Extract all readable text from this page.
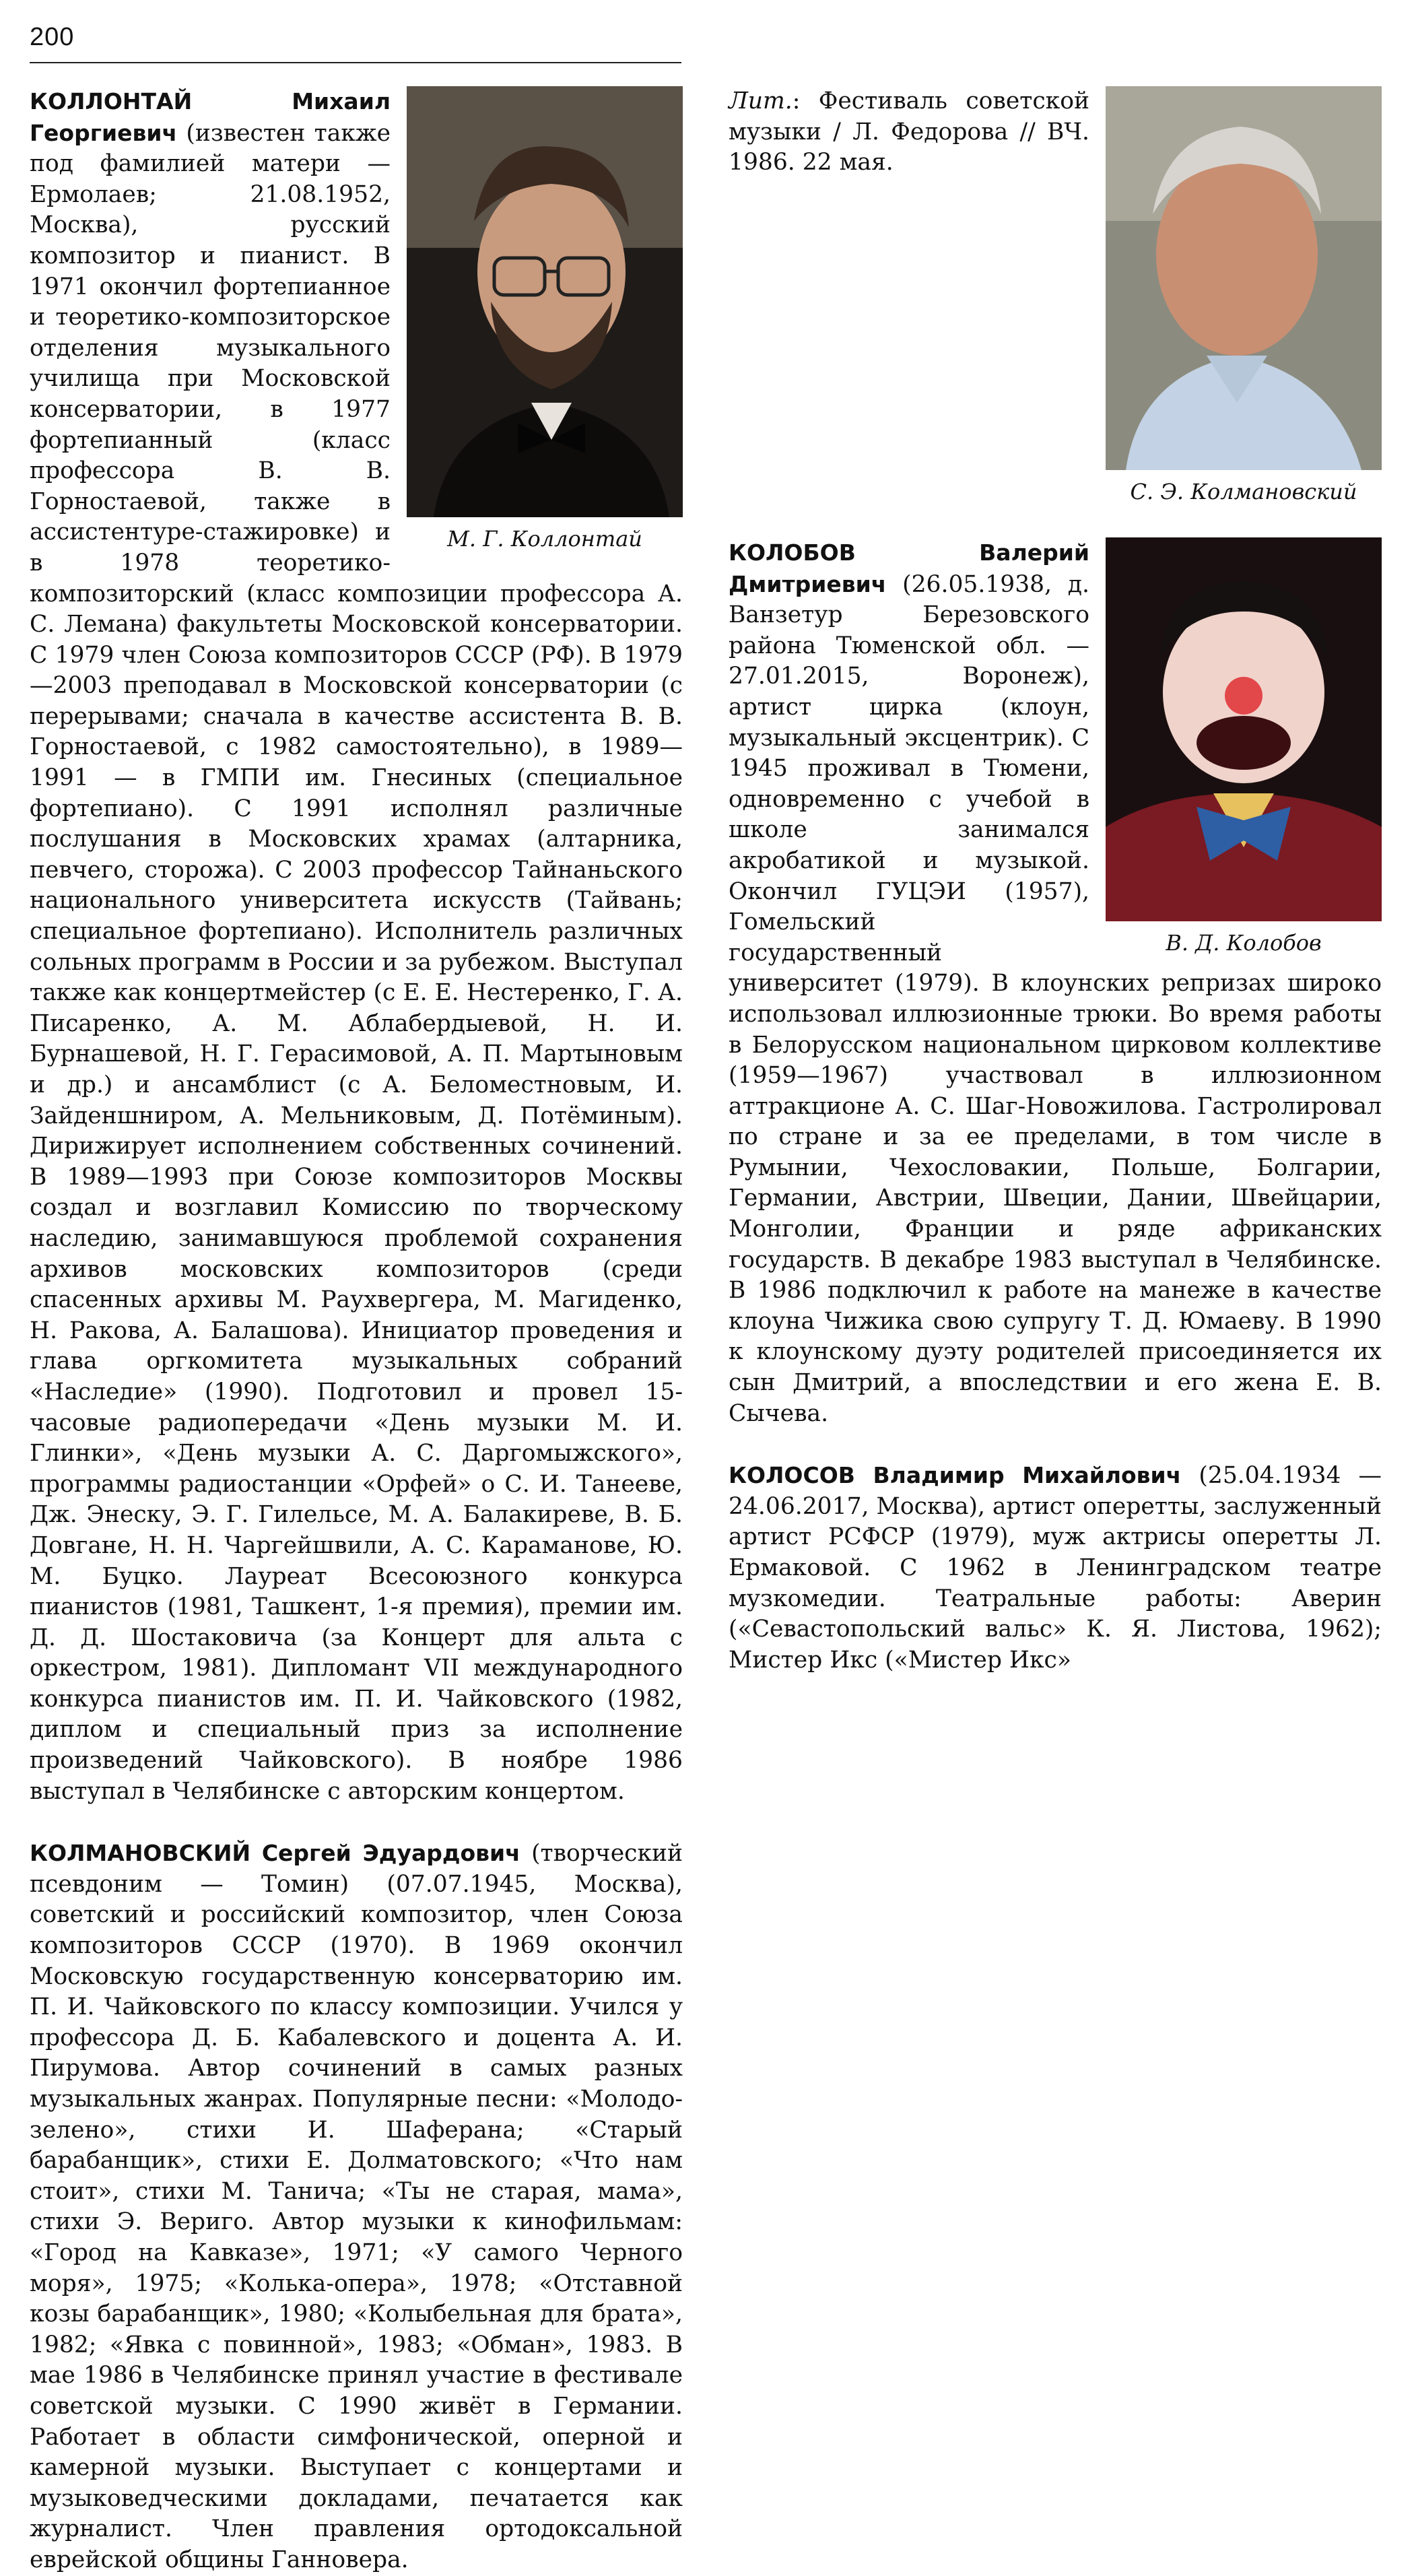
200
М. Г. Коллонтай

КОЛЛОНТАЙ Михаил Георгиевич (известен также под фамилией матери — Ермолаев; 21.08.1952, Москва), русский композитор и пианист. В 1971 окончил фортепианное и теоретико-композиторское отделения музыкального училища при Московской консерватории, в 1977 фортепианный (класс профессора В. В. Горностаевой, также в ассистентуре-стажировке) и в 1978 теоретико-композиторский (класс композиции профессора А. С. Лемана) факультеты Московской консерватории. С 1979 член Союза композиторов СССР (РФ). В 1979—2003 преподавал в Московской консерватории (с перерывами; сначала в качестве ассистента В. В. Горностаевой, с 1982 самостоятельно), в 1989—1991 — в ГМПИ им. Гнесиных (специальное фортепиано). С 1991 исполнял различные послушания в Московских храмах (алтарника, певчего, сторожа). С 2003 профессор Тайнаньского национального университета искусств (Тайвань; специальное фортепиано). Исполнитель различных сольных программ в России и за рубежом. Выступал также как концертмейстер (с Е. Е. Нестеренко, Г. А. Писаренко, А. М. Аблабердыевой, Н. И. Бурнашевой, Н. Г. Герасимовой, А. П. Мартыновым и др.) и ансамблист (с А. Беломестновым, И. Зайденшниром, А. Мельниковым, Д. Потёминым). Дирижирует исполнением собственных сочинений. В 1989—1993 при Союзе композиторов Москвы создал и возглавил Комиссию по творческому наследию, занимавшуюся проблемой сохранения архивов московских композиторов (среди спасенных архивы М. Раухвергера, М. Магиденко, Н. Ракова, А. Балашова). Инициатор проведения и глава оргкомитета музыкальных собраний «Наследие» (1990). Подготовил и провел 15-часовые радиопередачи «День музыки М. И. Глинки», «День музыки А. С. Даргомыжского», программы радиостанции «Орфей» о С. И. Танееве, Дж. Энеску, Э. Г. Гилельсе, М. А. Балакиреве, В. Б. Довгане, Н. Н. Чаргейшвили, А. С. Караманове, Ю. М. Буцко. Лауреат Всесоюзного конкурса пианистов (1981, Ташкент, 1-я премия), премии им. Д. Д. Шостаковича (за Концерт для альта с оркестром, 1981). Дипломант VII международного конкурса пианистов им. П. И. Чайковского (1982, диплом и специальный приз за исполнение произведений Чайковского). В ноябре 1986 выступал в Челябинске с авторским концертом.

КОЛМАНОВСКИЙ Сергей Эдуардович (творческий псевдоним — Томин) (07.07.1945, Москва), советский и российский композитор, член Союза композиторов СССР (1970). В 1969 окончил Московскую государственную консерваторию им. П. И. Чайковского по классу композиции. Учился у профессора Д. Б. Кабалевского и доцента А. И. Пирумова. Автор сочинений в самых разных музыкальных жанрах. Популярные песни: «Молодо-зелено», стихи И. Шаферана; «Старый барабанщик», стихи Е. Долматовского; «Что нам стоит», стихи М. Танича; «Ты не старая, мама», стихи Э. Вериго. Автор музыки к кинофильмам: «Город на Кавказе», 1971; «У самого Черного моря», 1975; «Колька-опера», 1978; «Отставной козы барабанщик», 1980; «Колыбельная для брата», 1982; «Явка с повинной», 1983; «Обман», 1983. В мае 1986 в Челябинске принял участие в фестивале советской музыки. С 1990 живёт в Германии. Работает в области симфонической, оперной и камерной музыки. Выступает с концертами и музыковедческими докладами, печатается как журналист. Член правления ортодоксальной еврейской общины Ганновера.

С. Э. Колмановский

Лит.: Фестиваль советской музыки / Л. Федорова // ВЧ. 1986. 22 мая.

В. Д. Колобов

КОЛОБОВ Валерий Дмитриевич (26.05.1938, д. Ванзетур Березовского района Тюменской обл. — 27.01.2015, Воронеж), артист цирка (клоун, музыкальный эксцентрик). С 1945 проживал в Тюмени, одновременно с учебой в школе занимался акробатикой и музыкой. Окончил ГУЦЭИ (1957), Гомельский государственный университет (1979). В клоунских репризах широко использовал иллюзионные трюки. Во время работы в Белорусском национальном цирковом коллективе (1959—1967) участвовал в иллюзионном аттракционе А. С. Шаг-Новожилова. Гастролировал по стране и за ее пределами, в том числе в Румынии, Чехословакии, Польше, Болгарии, Германии, Австрии, Швеции, Дании, Швейцарии, Монголии, Франции и ряде африканских государств. В декабре 1983 выступал в Челябинске. В 1986 подключил к работе на манеже в качестве клоуна Чижика свою супругу Т. Д. Юмаеву. В 1990 к клоунскому дуэту родителей присоединяется их сын Дмитрий, а впоследствии и его жена Е. В. Сычева.

КОЛОСОВ Владимир Михайлович (25.04.1934 — 24.06.2017, Москва), артист оперетты, заслуженный артист РСФСР (1979), муж актрисы оперетты Л. Ермаковой. С 1962 в Ленинградском театре музкомедии. Театральные работы: Аверин («Севастопольский вальс» К. Я. Листова, 1962); Мистер Икс («Мистер Икс»
